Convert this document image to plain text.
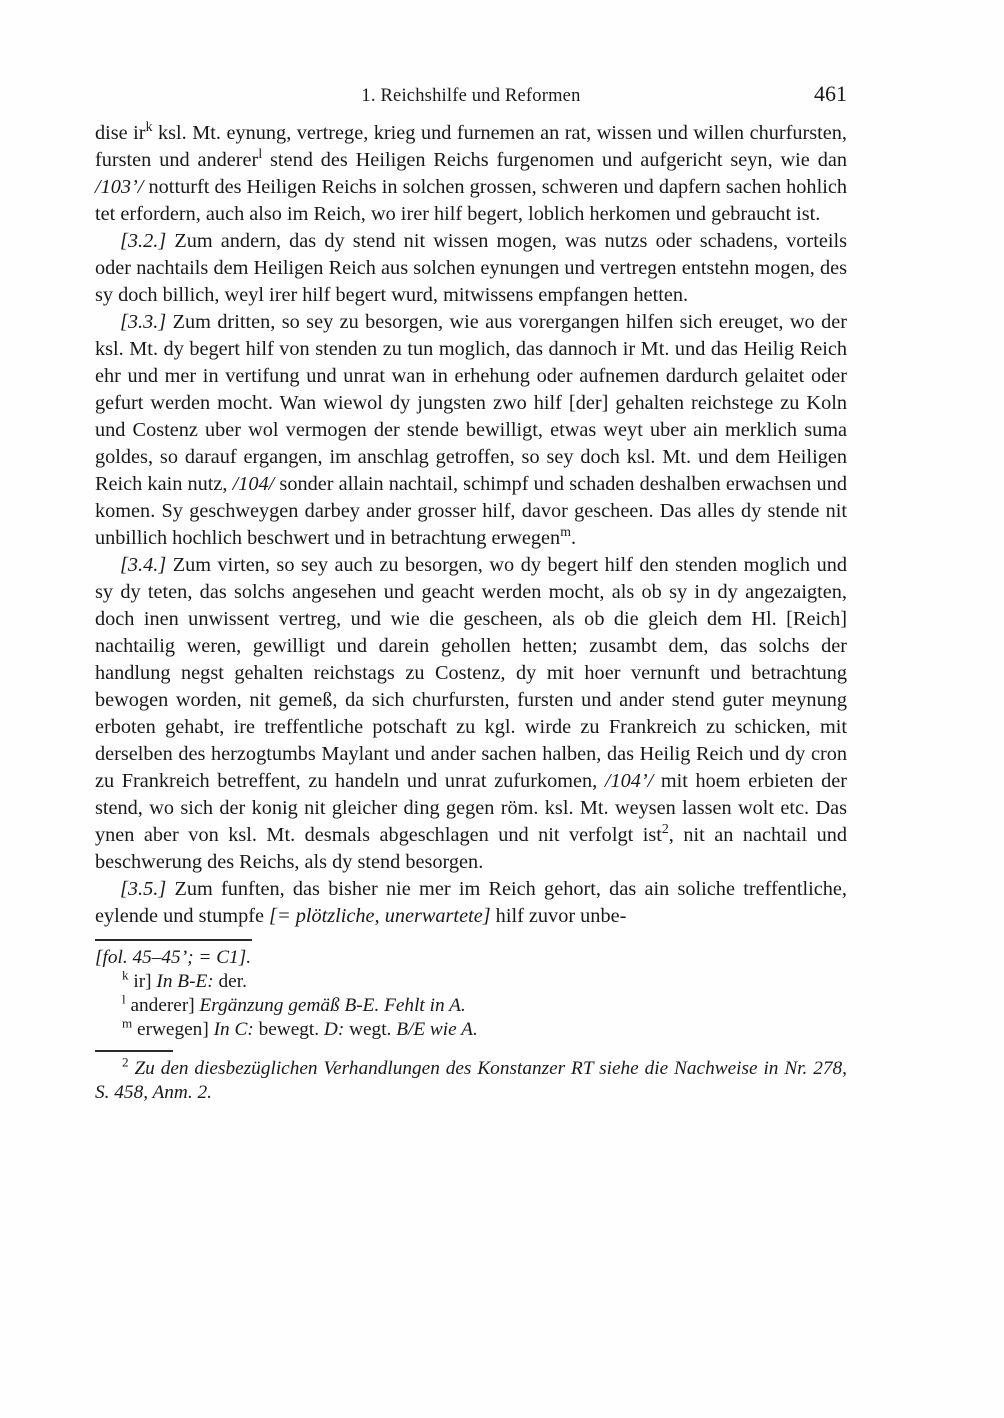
1. Reichshilfe und Reformen	461

dise $ir^k$ ksl. Mt. eynung, vertrege, krieg und furnemen an rat, wissen und willen churfursten, fursten und anderer$^l$ stend des Heiligen Reichs furgenomen und aufgericht seyn, wie dan /103’/ notturft des Heiligen Reichs in solchen grossen, schweren und dapfern sachen hohlich tet erfordern, auch also im Reich, wo irer hilf begert, loblich herkomen und gebraucht ist.

[3.2.] Zum andern, das dy stend nit wissen mogen, was nutzs oder schadens, vorteils oder nachtails dem Heiligen Reich aus solchen eynungen und vertregen entstehn mogen, des sy doch billich, weyl irer hilf begert wurd, mitwissens empfangen hetten.

[3.3.] Zum dritten, so sey zu besorgen, wie aus vorergangen hilfen sich ereuget, wo der ksl. Mt. dy begert hilf von stenden zu tun moglich, das dannoch ir Mt. und das Heilig Reich ehr und mer in vertifung und unrat wan in erhehung oder aufnemen dardurch gelaitet oder gefurt werden mocht. Wan wiewol dy jungsten zwo hilf [der] gehalten reichstege zu Koln und Costenz uber wol vermogen der stende bewilligt, etwas weyt uber ain merklich suma goldes, so darauf ergangen, im anschlag getroffen, so sey doch ksl. Mt. und dem Heiligen Reich kain nutz, /104/ sonder allain nachtail, schimpf und schaden deshalben erwachsen und komen. Sy geschweygen darbey ander grosser hilf, davor gescheen. Das alles dy stende nit unbillich hochlich beschwert und in betrachtung erwegen$^m$.

[3.4.] Zum virten, so sey auch zu besorgen, wo dy begert hilf den stenden moglich und sy dy teten, das solchs angesehen und geacht werden mocht, als ob sy in dy angezaigten, doch inen unwissent vertreg, und wie die gescheen, als ob die gleich dem Hl. [Reich] nachtailig weren, gewilligt und darein gehollen hetten; zusambt dem, das solchs der handlung negst gehalten reichstags zu Costenz, dy mit hoer vernunft und betrachtung bewogen worden, nit gemeß, da sich churfursten, fursten und ander stend guter meynung erboten gehabt, ire treffentliche potschaft zu kgl. wirde zu Frankreich zu schicken, mit derselben des herzogtumbs Maylant und ander sachen halben, das Heilig Reich und dy cron zu Frankreich betreffent, zu handeln und unrat zufurkomen, /104’/ mit hoem erbieten der stend, wo sich der konig nit gleicher ding gegen röm. ksl. Mt. weysen lassen wolt etc. Das ynen aber von ksl. Mt. desmals abgeschlagen und nit verfolgt ist$^2$, nit an nachtail und beschwerung des Reichs, als dy stend besorgen.

[3.5.] Zum funften, das bisher nie mer im Reich gehort, das ain soliche treffentliche, eylende und stumpfe [= plötzliche, unerwartete] hilf zuvor unbe-

[fol. 45–45’; = C1].

$^k$ ir] In B-E: der.

$^l$ anderer] Ergänzung gemäß B-E. Fehlt in A.

$^m$ erwegen] In C: bewegt. D: wegt. B/E wie A.

$^2$ Zu den diesbezüglichen Verhandlungen des Konstanzer RT siehe die Nachweise in Nr. 278, S. 458, Anm. 2.
